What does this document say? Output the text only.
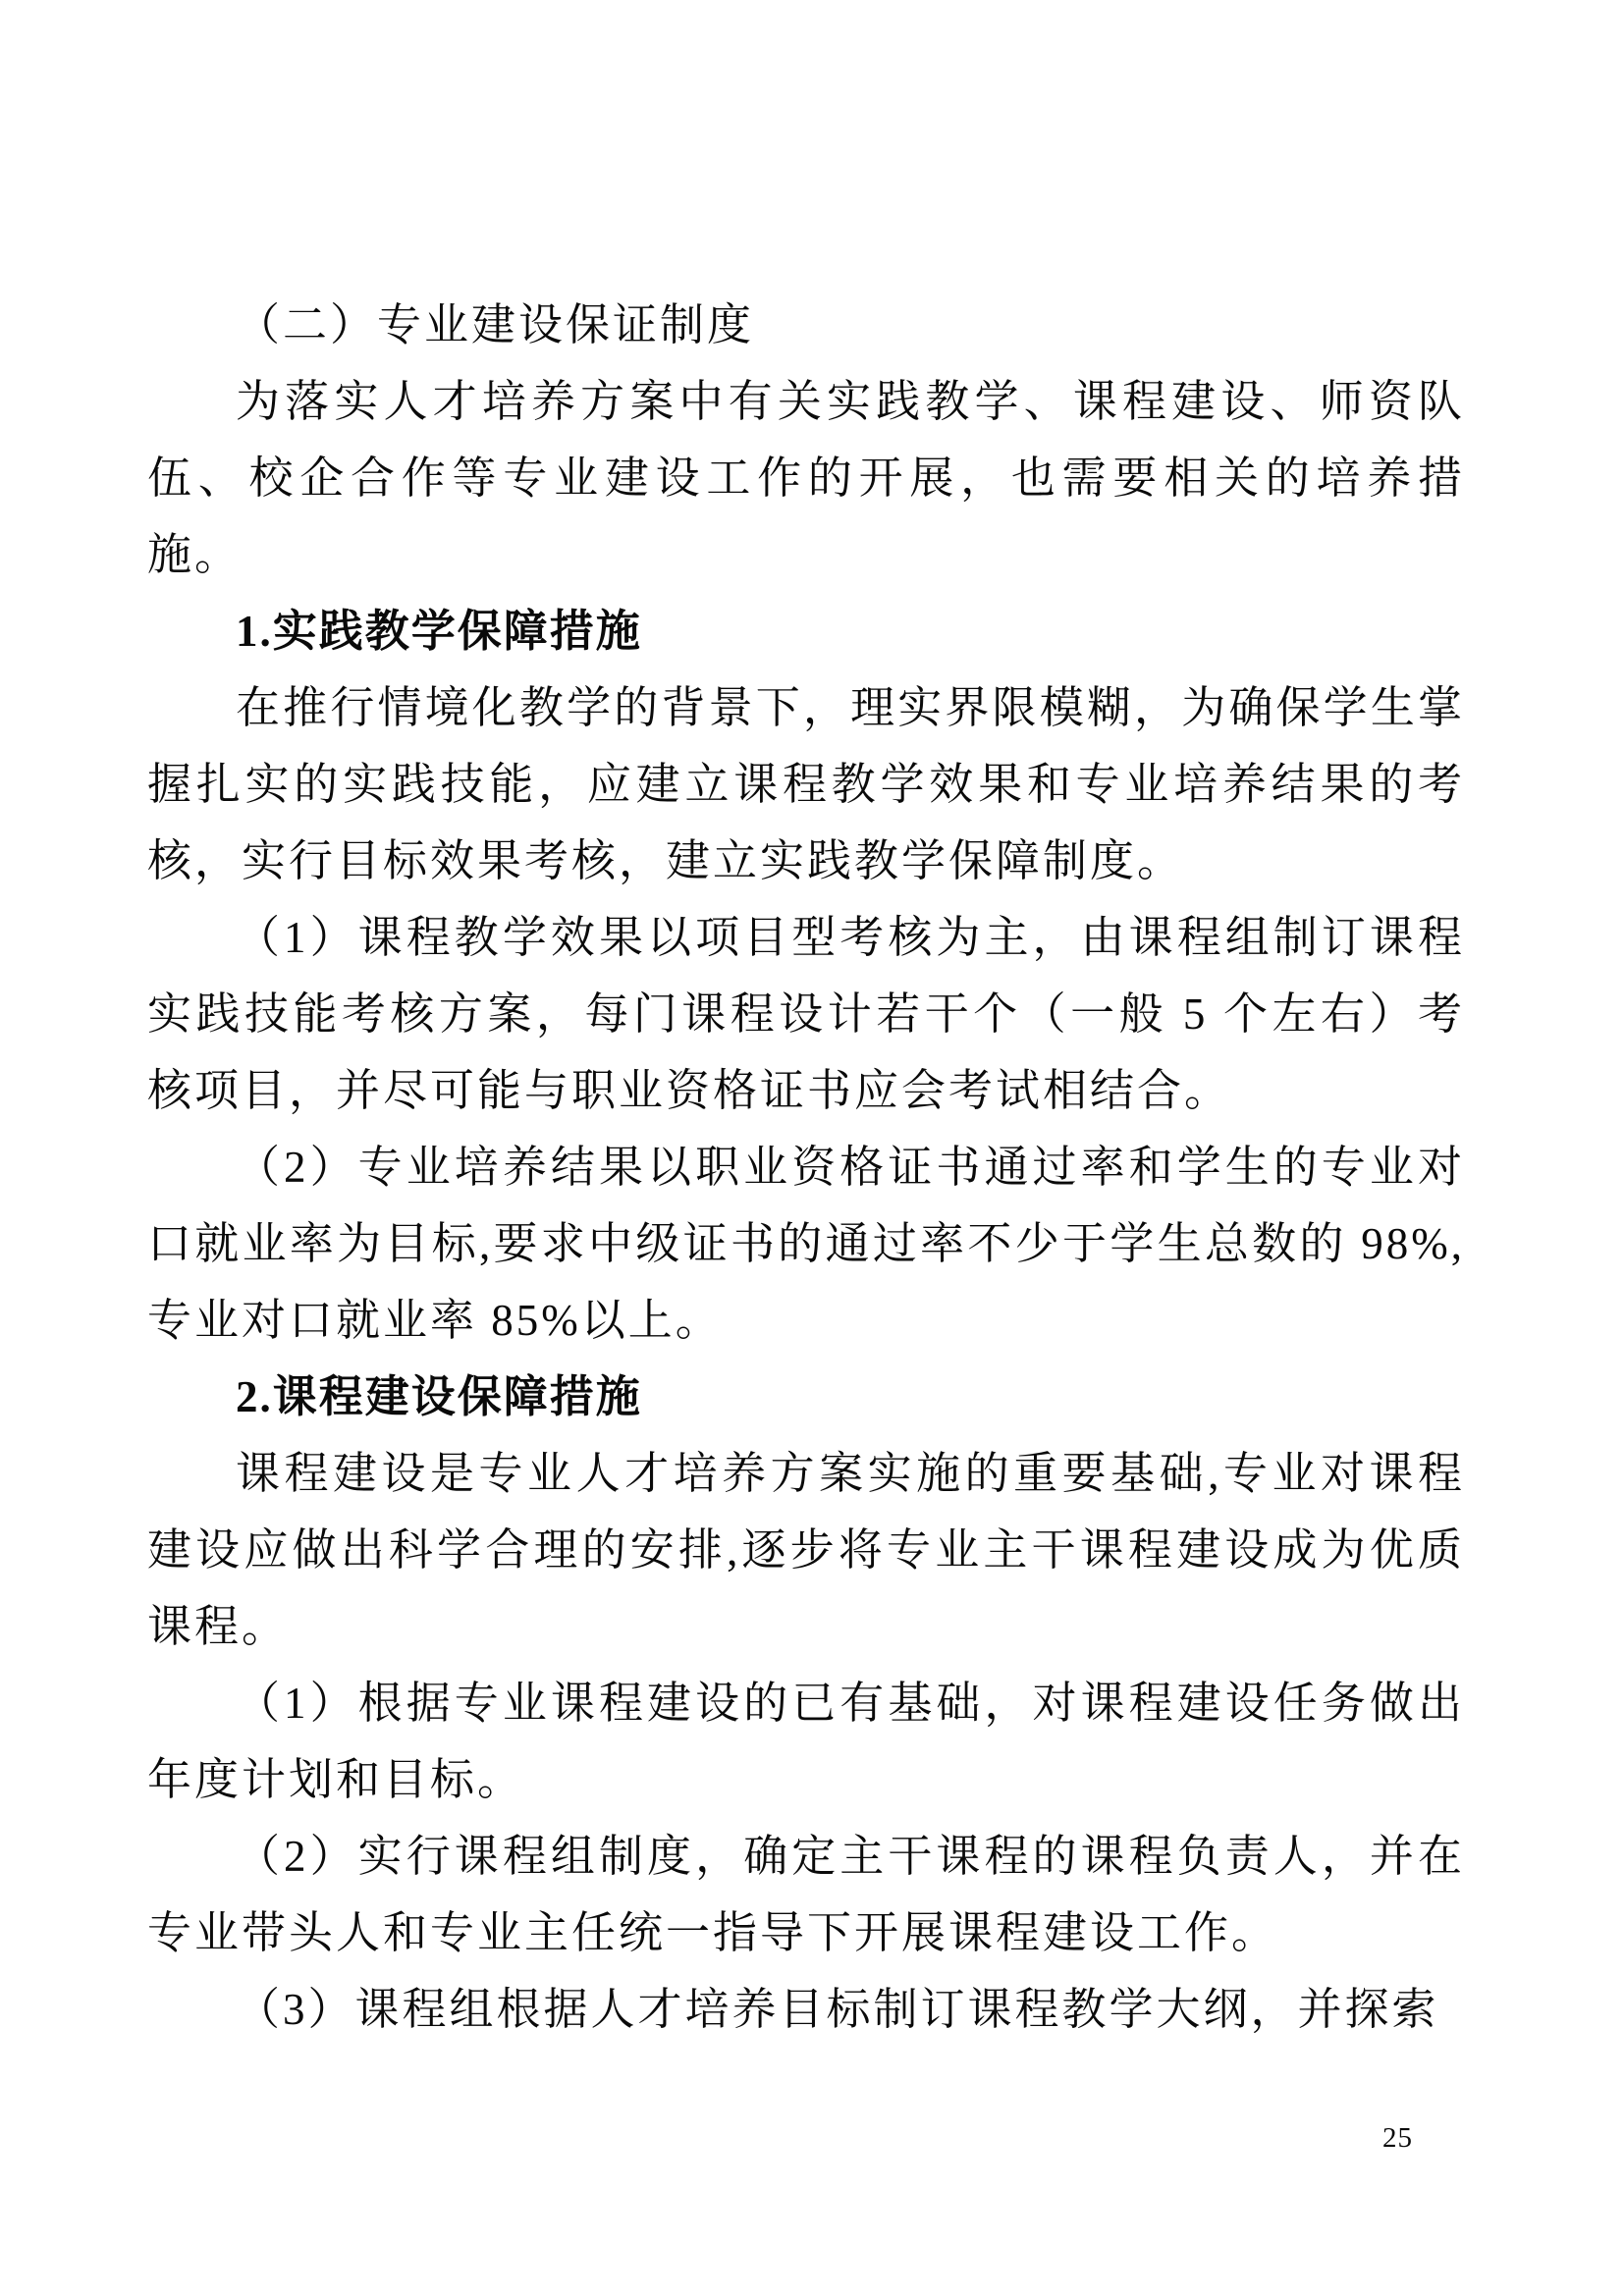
（二）专业建设保证制度

为落实人才培养方案中有关实践教学、课程建设、师资队伍、校企合作等专业建设工作的开展，也需要相关的培养措施。

1.实践教学保障措施

在推行情境化教学的背景下，理实界限模糊，为确保学生掌握扎实的实践技能，应建立课程教学效果和专业培养结果的考核，实行目标效果考核，建立实践教学保障制度。

（1）课程教学效果以项目型考核为主，由课程组制订课程实践技能考核方案，每门课程设计若干个（一般 5 个左右）考核项目，并尽可能与职业资格证书应会考试相结合。

（2）专业培养结果以职业资格证书通过率和学生的专业对口就业率为目标,要求中级证书的通过率不少于学生总数的 98%,专业对口就业率 85%以上。

2.课程建设保障措施

课程建设是专业人才培养方案实施的重要基础,专业对课程建设应做出科学合理的安排,逐步将专业主干课程建设成为优质课程。

（1）根据专业课程建设的已有基础，对课程建设任务做出年度计划和目标。

（2）实行课程组制度，确定主干课程的课程负责人，并在专业带头人和专业主任统一指导下开展课程建设工作。

（3）课程组根据人才培养目标制订课程教学大纲，并探索

25
